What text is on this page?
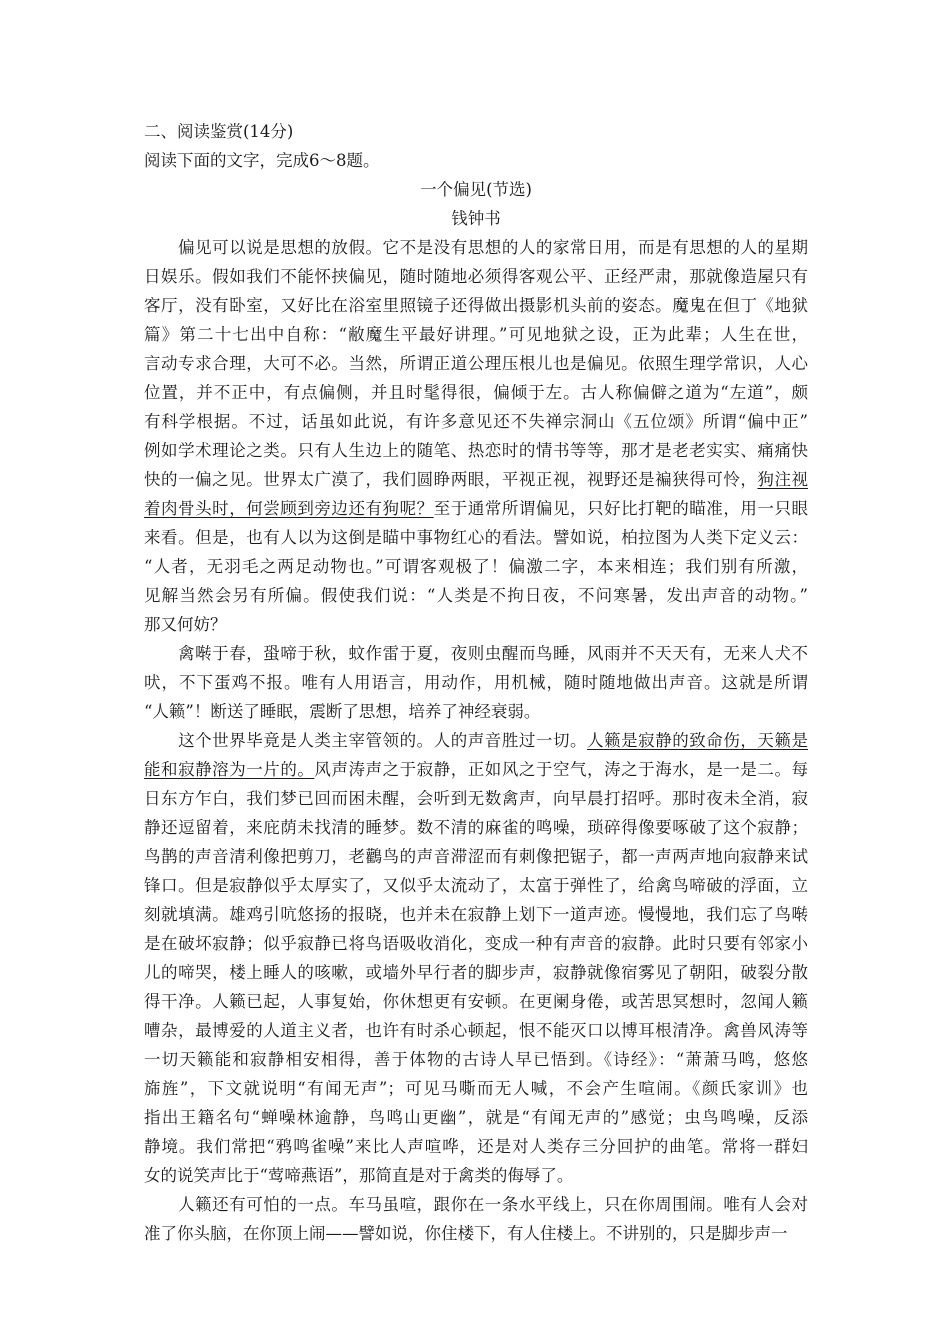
二、阅读鉴赏(14分)
阅读下面的文字，完成6～8题。
一个偏见(节选)
钱钟书
　　偏见可以说是思想的放假。它不是没有思想的人的家常日用，而是有思想的人的星期
日娱乐。假如我们不能怀挟偏见，随时随地必须得客观公平、正经严肃，那就像造屋只有
客厅，没有卧室，又好比在浴室里照镜子还得做出摄影机头前的姿态。魔鬼在但丁《地狱
篇》第二十七出中自称：“敝魔生平最好讲理。”可见地狱之设，正为此辈；人生在世，
言动专求合理，大可不必。当然，所谓正道公理压根儿也是偏见。依照生理学常识，人心
位置，并不正中，有点偏侧，并且时髦得很，偏倾于左。古人称偏僻之道为“左道”，颇
有科学根据。不过，话虽如此说，有许多意见还不失禅宗洞山《五位颂》所谓“偏中正”
例如学术理论之类。只有人生边上的随笔、热恋时的情书等等，那才是老老实实、痛痛快
快的一偏之见。世界太广漠了，我们圆睁两眼，平视正视，视野还是褊狭得可怜，狗注视
着肉骨头时，何尝顾到旁边还有狗呢？至于通常所谓偏见，只好比打靶的瞄准，用一只眼
来看。但是，也有人以为这倒是瞄中事物红心的看法。譬如说，柏拉图为人类下定义云：
“人者，无羽毛之两足动物也。”可谓客观极了！偏激二字，本来相连；我们别有所激，
见解当然会另有所偏。假使我们说：“人类是不拘日夜，不问寒暑，发出声音的动物。”
那又何妨？
　　禽啭于春，蛩啼于秋，蚊作雷于夏，夜则虫醒而鸟睡，风雨并不天天有，无来人犬不
吠，不下蛋鸡不报。唯有人用语言，用动作，用机械，随时随地做出声音。这就是所谓
“人籁”！断送了睡眠，震断了思想，培养了神经衰弱。
　　这个世界毕竟是人类主宰管领的。人的声音胜过一切。人籁是寂静的致命伤，天籁是
能和寂静溶为一片的。风声涛声之于寂静，正如风之于空气，涛之于海水，是一是二。每
日东方乍白，我们梦已回而困未醒，会听到无数禽声，向早晨打招呼。那时夜未全消，寂
静还逗留着，来庇荫未找清的睡梦。数不清的麻雀的鸣噪，琐碎得像要啄破了这个寂静；
鸟鹊的声音清利像把剪刀，老鸛鸟的声音滞涩而有刺像把锯子，都一声两声地向寂静来试
锋口。但是寂静似乎太厚实了，又似乎太流动了，太富于弹性了，给禽鸟啼破的浮面，立
刻就填满。雄鸡引吭悠扬的报晓，也并未在寂静上划下一道声迹。慢慢地，我们忘了鸟啭
是在破坏寂静；似乎寂静已将鸟语吸收消化，变成一种有声音的寂静。此时只要有邻家小
儿的啼哭，楼上睡人的咳嗽，或墙外早行者的脚步声，寂静就像宿雾见了朝阳，破裂分散
得干净。人籁已起，人事复始，你休想更有安顿。在更阑身倦，或苦思冥想时，忽闻人籁
嘈杂，最博爱的人道主义者，也许有时杀心顿起，恨不能灭口以博耳根清净。禽兽风涛等
一切天籁能和寂静相安相得，善于体物的古诗人早已悟到。《诗经》：“萧萧马鸣，悠悠
旆旌”，下文就说明“有闻无声”；可见马嘶而无人喊，不会产生喧闹。《颜氏家训》也
指出王籍名句“蝉噪林逾静，鸟鸣山更幽”，就是“有闻无声的”感觉；虫鸟鸣噪，反添
静境。我们常把“鸦鸣雀噪”来比人声喧哗，还是对人类存三分回护的曲笔。常将一群妇
女的说笑声比于“莺啼燕语”，那简直是对于禽类的侮辱了。
　　人籁还有可怕的一点。车马虽喧，跟你在一条水平线上，只在你周围闹。唯有人会对
准了你头脑，在你顶上闹——譬如说，你住楼下，有人住楼上。不讲别的，只是脚步声一
